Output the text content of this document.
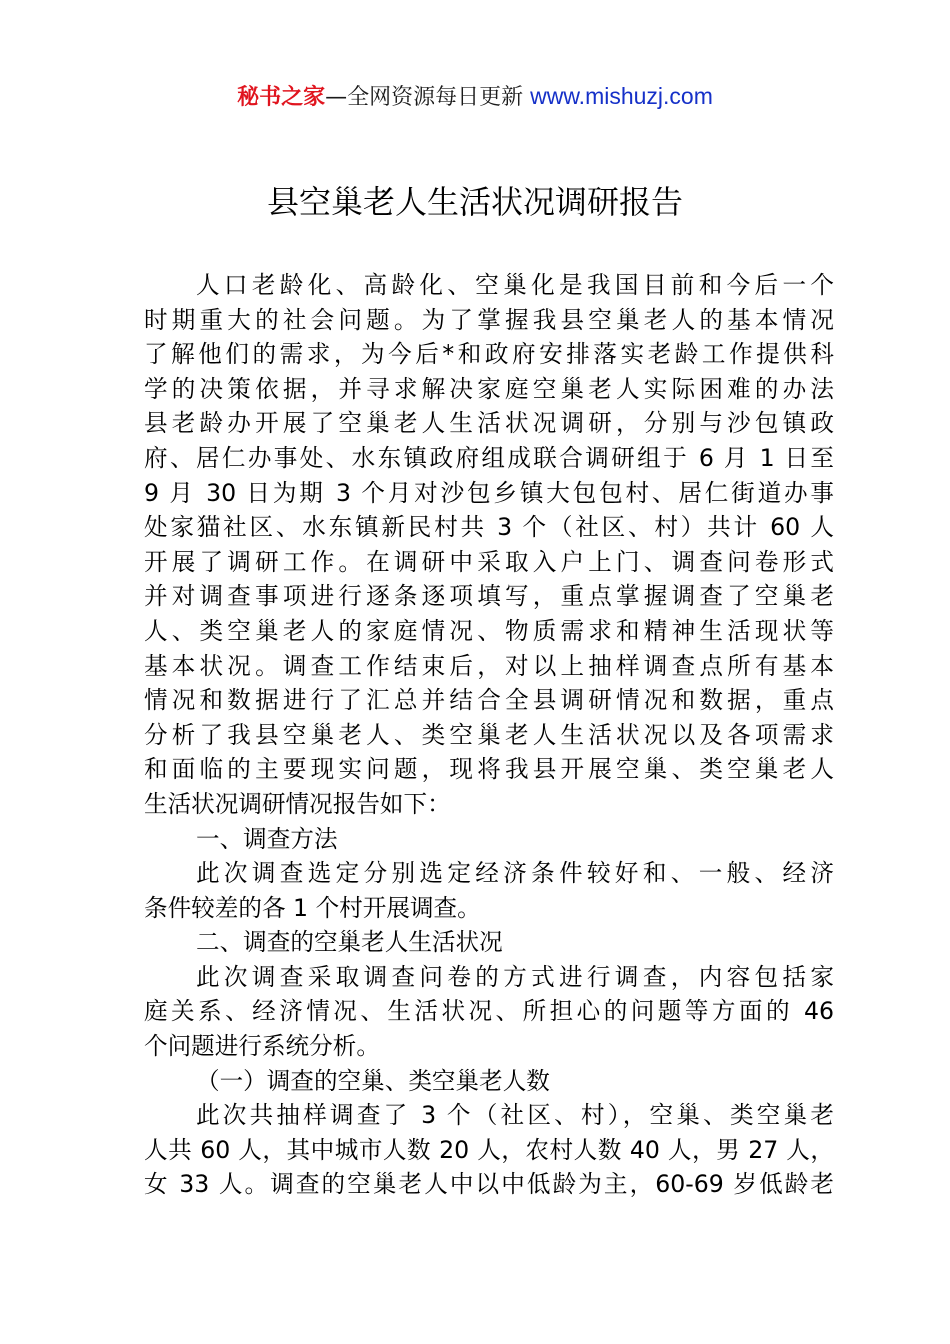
秘书之家—全网资源每日更新 www.mishuzj.com
县空巢老人生活状况调研报告
人口老龄化、高龄化、空巢化是我国目前和今后一个
时期重大的社会问题。为了掌握我县空巢老人的基本情况
了解他们的需求，为今后*和政府安排落实老龄工作提供科
学的决策依据，并寻求解决家庭空巢老人实际困难的办法
县老龄办开展了空巢老人生活状况调研，分别与沙包镇政
府、居仁办事处、水东镇政府组成联合调研组于 6 月 1 日至
9 月 30 日为期 3 个月对沙包乡镇大包包村、居仁街道办事
处家猫社区、水东镇新民村共 3 个（社区、村）共计 60 人
开展了调研工作。在调研中采取入户上门、调查问卷形式
并对调查事项进行逐条逐项填写，重点掌握调查了空巢老
人、类空巢老人的家庭情况、物质需求和精神生活现状等
基本状况。调查工作结束后，对以上抽样调查点所有基本
情况和数据进行了汇总并结合全县调研情况和数据，重点
分析了我县空巢老人、类空巢老人生活状况以及各项需求
和面临的主要现实问题，现将我县开展空巢、类空巢老人
生活状况调研情况报告如下：
一、调查方法
此次调查选定分别选定经济条件较好和、一般、经济
条件较差的各 1 个村开展调查。
二、调查的空巢老人生活状况
此次调查采取调查问卷的方式进行调查，内容包括家
庭关系、经济情况、生活状况、所担心的问题等方面的 46
个问题进行系统分析。
（一）调查的空巢、类空巢老人数
此次共抽样调查了 3 个（社区、村），空巢、类空巢老
人共 60 人，其中城市人数 20 人，农村人数 40 人，男 27 人，
女 33 人。调查的空巢老人中以中低龄为主，60-69 岁低龄老
